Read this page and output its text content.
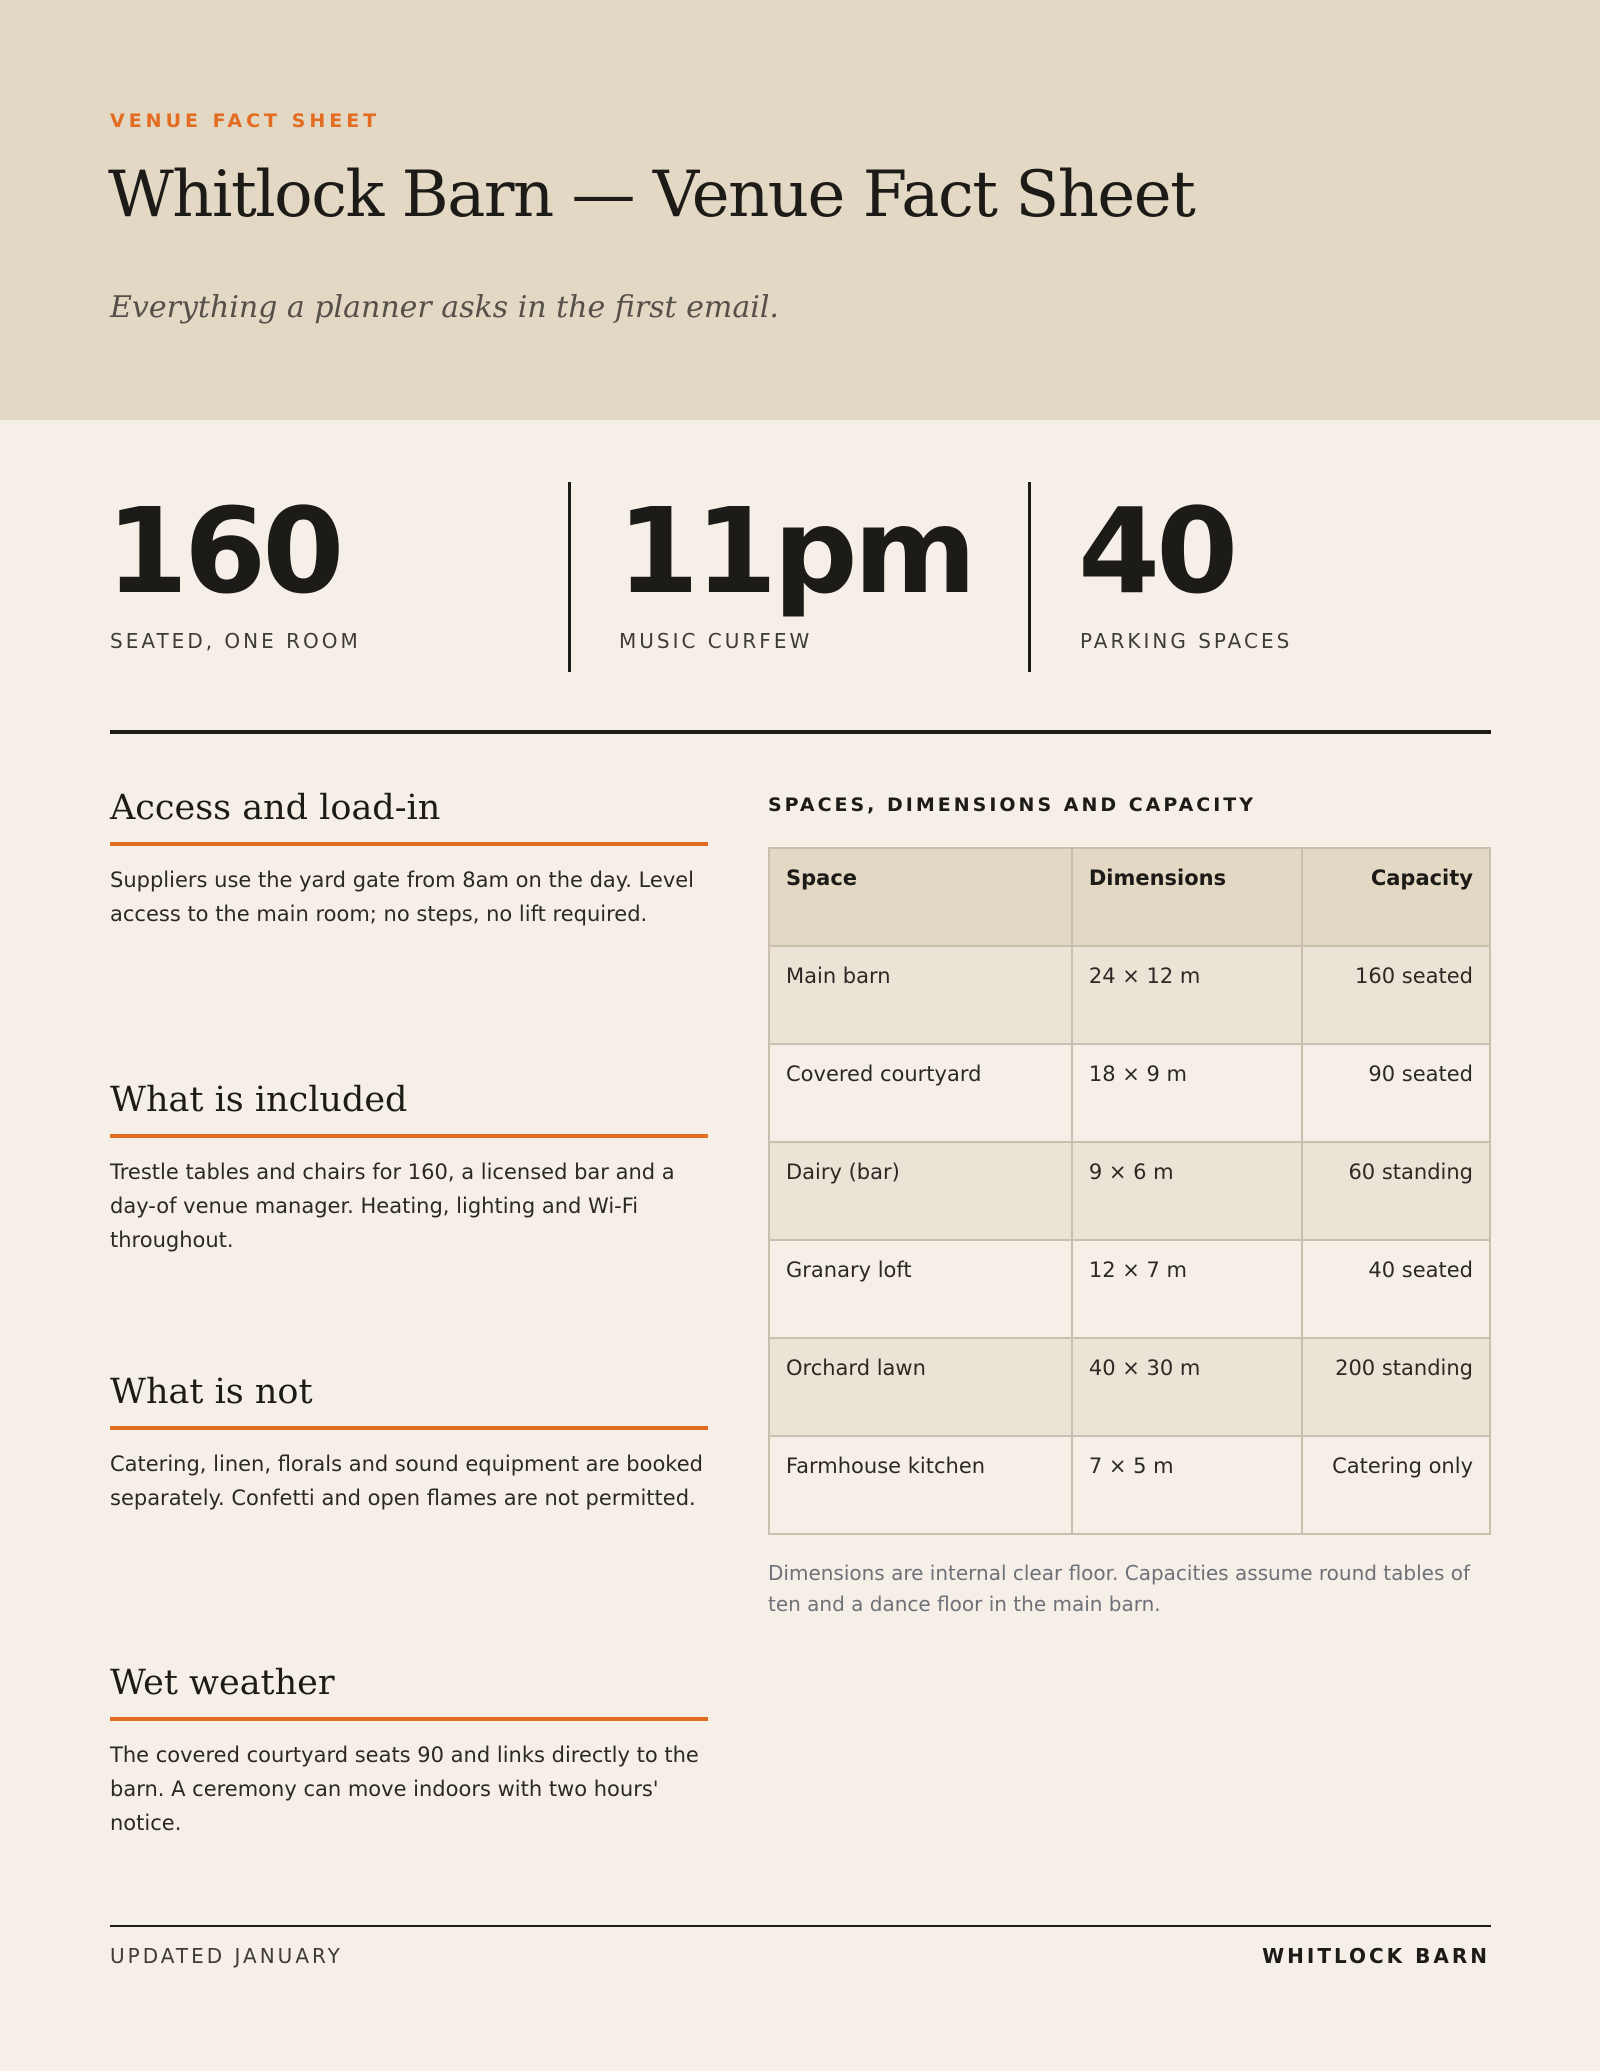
VENUE FACT SHEET
Whitlock Barn — Venue Fact Sheet
Everything a planner asks in the first email.
160
SEATED, ONE ROOM
11pm
MUSIC CURFEW
40
PARKING SPACES
Access and load-in
Suppliers use the yard gate from 8am on the day. Level access to the main room; no steps, no lift required.
What is included
Trestle tables and chairs for 160, a licensed bar and a day-of venue manager. Heating, lighting and Wi-Fi throughout.
What is not
Catering, linen, florals and sound equipment are booked separately. Confetti and open flames are not permitted.
Wet weather
The covered courtyard seats 90 and links directly to the barn. A ceremony can move indoors with two hours' notice.
SPACES, DIMENSIONS AND CAPACITY
Space	Dimensions	Capacity
Main barn	24 × 12 m	160 seated
Covered courtyard	18 × 9 m	90 seated
Dairy (bar)	9 × 6 m	60 standing
Granary loft	12 × 7 m	40 seated
Orchard lawn	40 × 30 m	200 standing
Farmhouse kitchen	7 × 5 m	Catering only
Dimensions are internal clear floor. Capacities assume round tables of ten and a dance floor in the main barn.
UPDATED JANUARY	WHITLOCK BARN
